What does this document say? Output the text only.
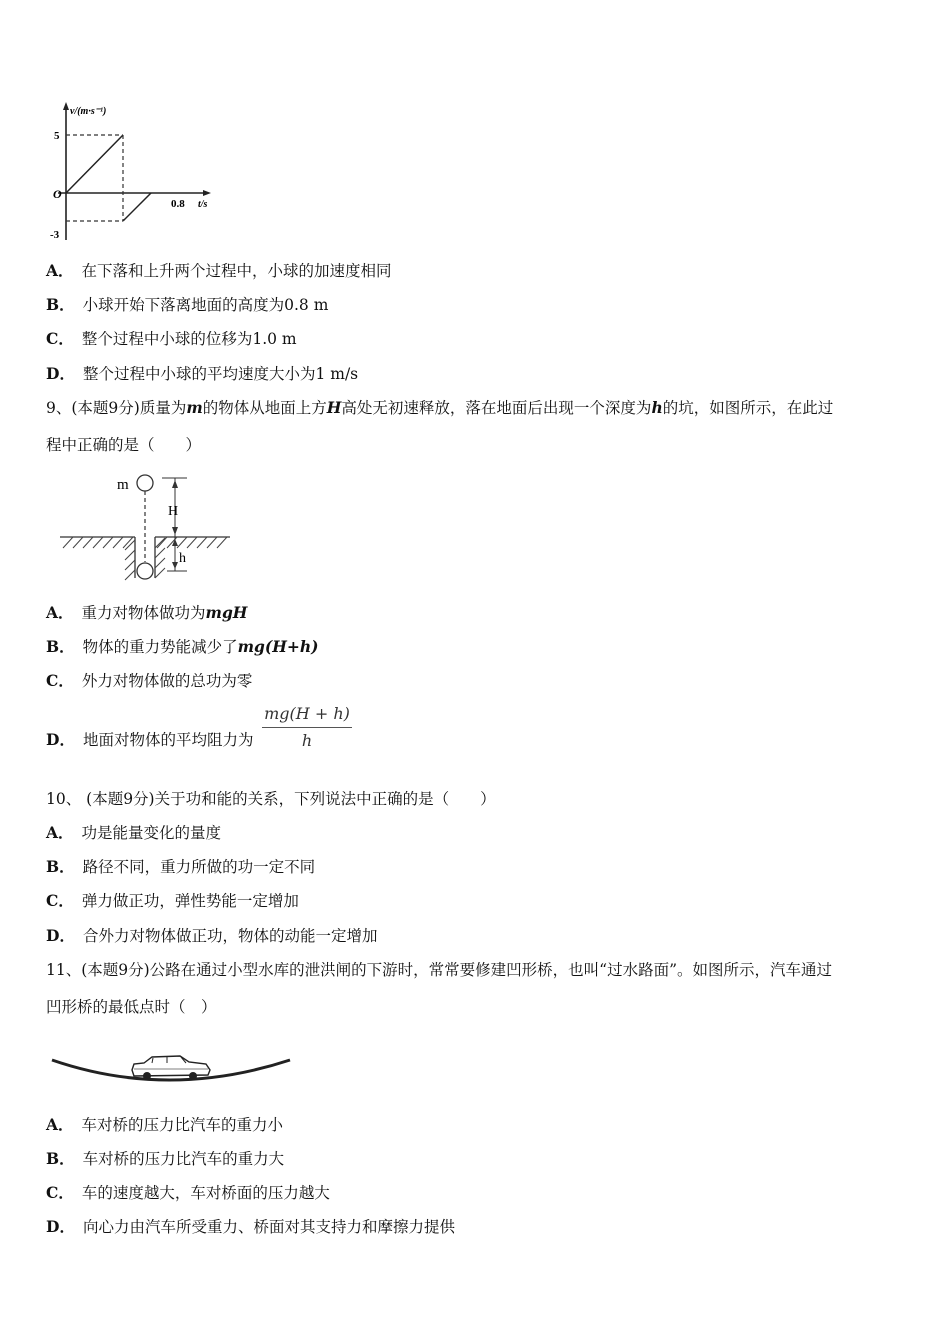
v/(m·s⁻¹)
5
O
-3
0.8 t/s
A． 在下落和上升两个过程中，小球的加速度相同
B． 小球开始下落离地面的高度为0.8 m
C． 整个过程中小球的位移为1.0 m
D． 整个过程中小球的平均速度大小为1 m/s
9、(本题9分)质量为m的物体从地面上方H高处无初速释放，落在地面后出现一个深度为h的坑，如图所示，在此过
程中正确的是（　　）
m
H
h
A． 重力对物体做功为mgH
B． 物体的重力势能减少了mg(H+h)
C． 外力对物体做的总功为零
D． 地面对物体的平均阻力为 $\frac{mg(H + h)}{h}$
10、 (本题9分)关于功和能的关系，下列说法中正确的是（　　）
A． 功是能量变化的量度
B． 路径不同，重力所做的功一定不同
C． 弹力做正功，弹性势能一定增加
D． 合外力对物体做正功，物体的动能一定增加
11、(本题9分)公路在通过小型水库的泄洪闸的下游时，常常要修建凹形桥，也叫“过水路面”。如图所示，汽车通过
凹形桥的最低点时（　）
A． 车对桥的压力比汽车的重力小
B． 车对桥的压力比汽车的重力大
C． 车的速度越大，车对桥面的压力越大
D． 向心力由汽车所受重力、桥面对其支持力和摩擦力提供
